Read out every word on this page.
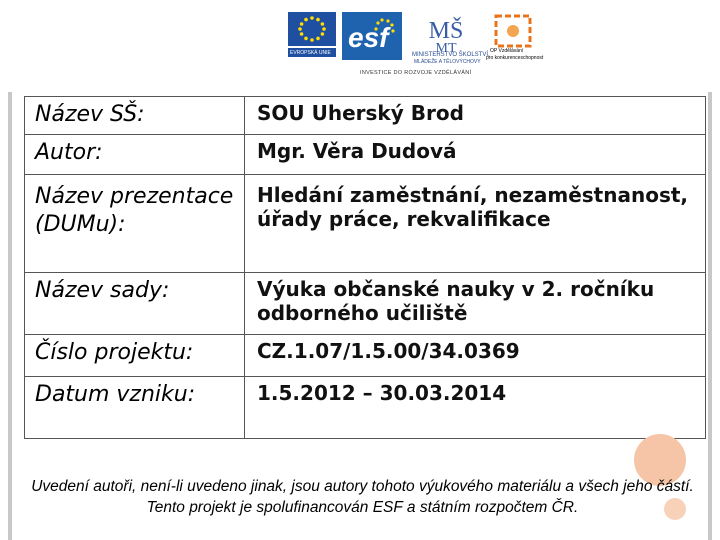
EVROPSKÁ UNIE esf MŠ
MT
MINISTERSTVO ŠKOLSTVÍ,
MLÁDEŽE A TĚLOVÝCHOVY
OP Vzdělávání
pro konkurenceschopnost
INVESTICE DO ROZVOJE VZDĚLÁVÁNÍ
Název SŠ:	SOU Uherský Brod
Autor:	Mgr. Věra Dudová
Název prezentace (DUMu):	Hledání zaměstnání, nezaměstnanost, úřady práce, rekvalifikace
Název sady:	Výuka občanské nauky v 2. ročníku odborného učiliště
Číslo projektu:	CZ.1.07/1.5.00/34.0369
Datum vzniku:	1.5.2012 – 30.03.2014

Uvedení autoři, není-li uvedeno jinak, jsou autory tohoto výukového materiálu a všech jeho částí. Tento projekt je spolufinancován ESF a státním rozpočtem ČR.
